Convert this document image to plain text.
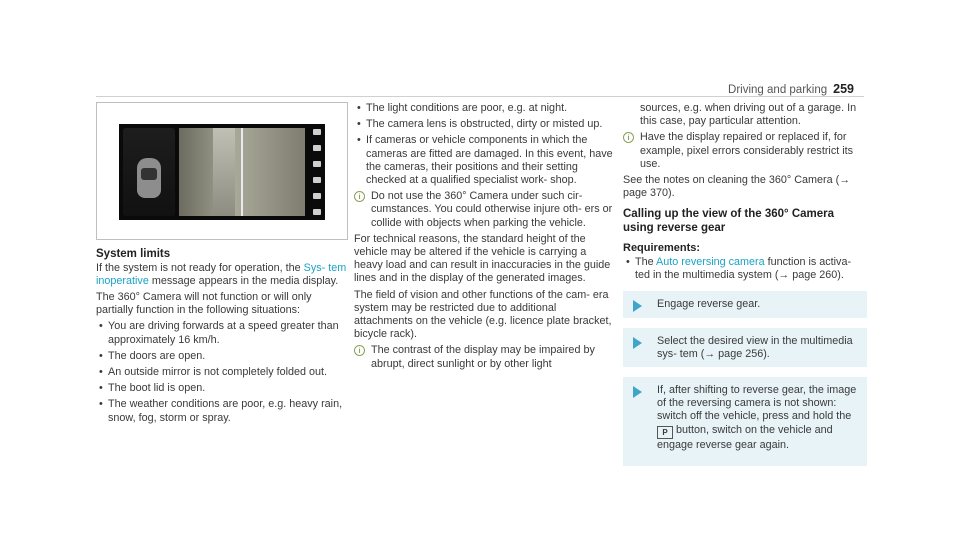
Driving and parking 259
System limits

If the system is not ready for operation, the Sys‐ tem inoperative message appears in the media display.

The 360° Camera will not function or will only partially function in the following situations:

• You are driving forwards at a speed greater than approximately 16 km/h.
• The doors are open.
• An outside mirror is not completely folded out.
• The boot lid is open.
• The weather conditions are poor, e.g. heavy rain, snow, fog, storm or spray.
• The light conditions are poor, e.g. at night.
• The camera lens is obstructed, dirty or misted up.
• If cameras or vehicle components in which the cameras are fitted are damaged. In this event, have the cameras, their positions and their setting checked at a qualified specialist work‐ shop.
i Do not use the 360° Camera under such cir‐ cumstances. You could otherwise injure oth‐ ers or collide with objects when parking the vehicle.

For technical reasons, the standard height of the vehicle may be altered if the vehicle is carrying a heavy load and can result in inaccuracies in the guide lines and in the display of the generated images.

The field of vision and other functions of the cam‐ era system may be restricted due to additional attachments on the vehicle (e.g. licence plate bracket, bicycle rack).

i The contrast of the display may be impaired by abrupt, direct sunlight or by other light

sources, e.g. when driving out of a garage. In this case, pay particular attention.

i Have the display repaired or replaced if, for example, pixel errors considerably restrict its use.

See the notes on cleaning the 360° Camera (→ page 370).

Calling up the view of the 360° Camera using reverse gear
Requirements:
• The Auto reversing camera function is activa‐ ted in the multimedia system (→ page 260).
Engage reverse gear.
Select the desired view in the multimedia sys‐ tem (→ page 256).
If, after shifting to reverse gear, the image of the reversing camera is not shown: switch off the vehicle, press and hold the P button, switch on the vehicle and engage reverse gear again.
